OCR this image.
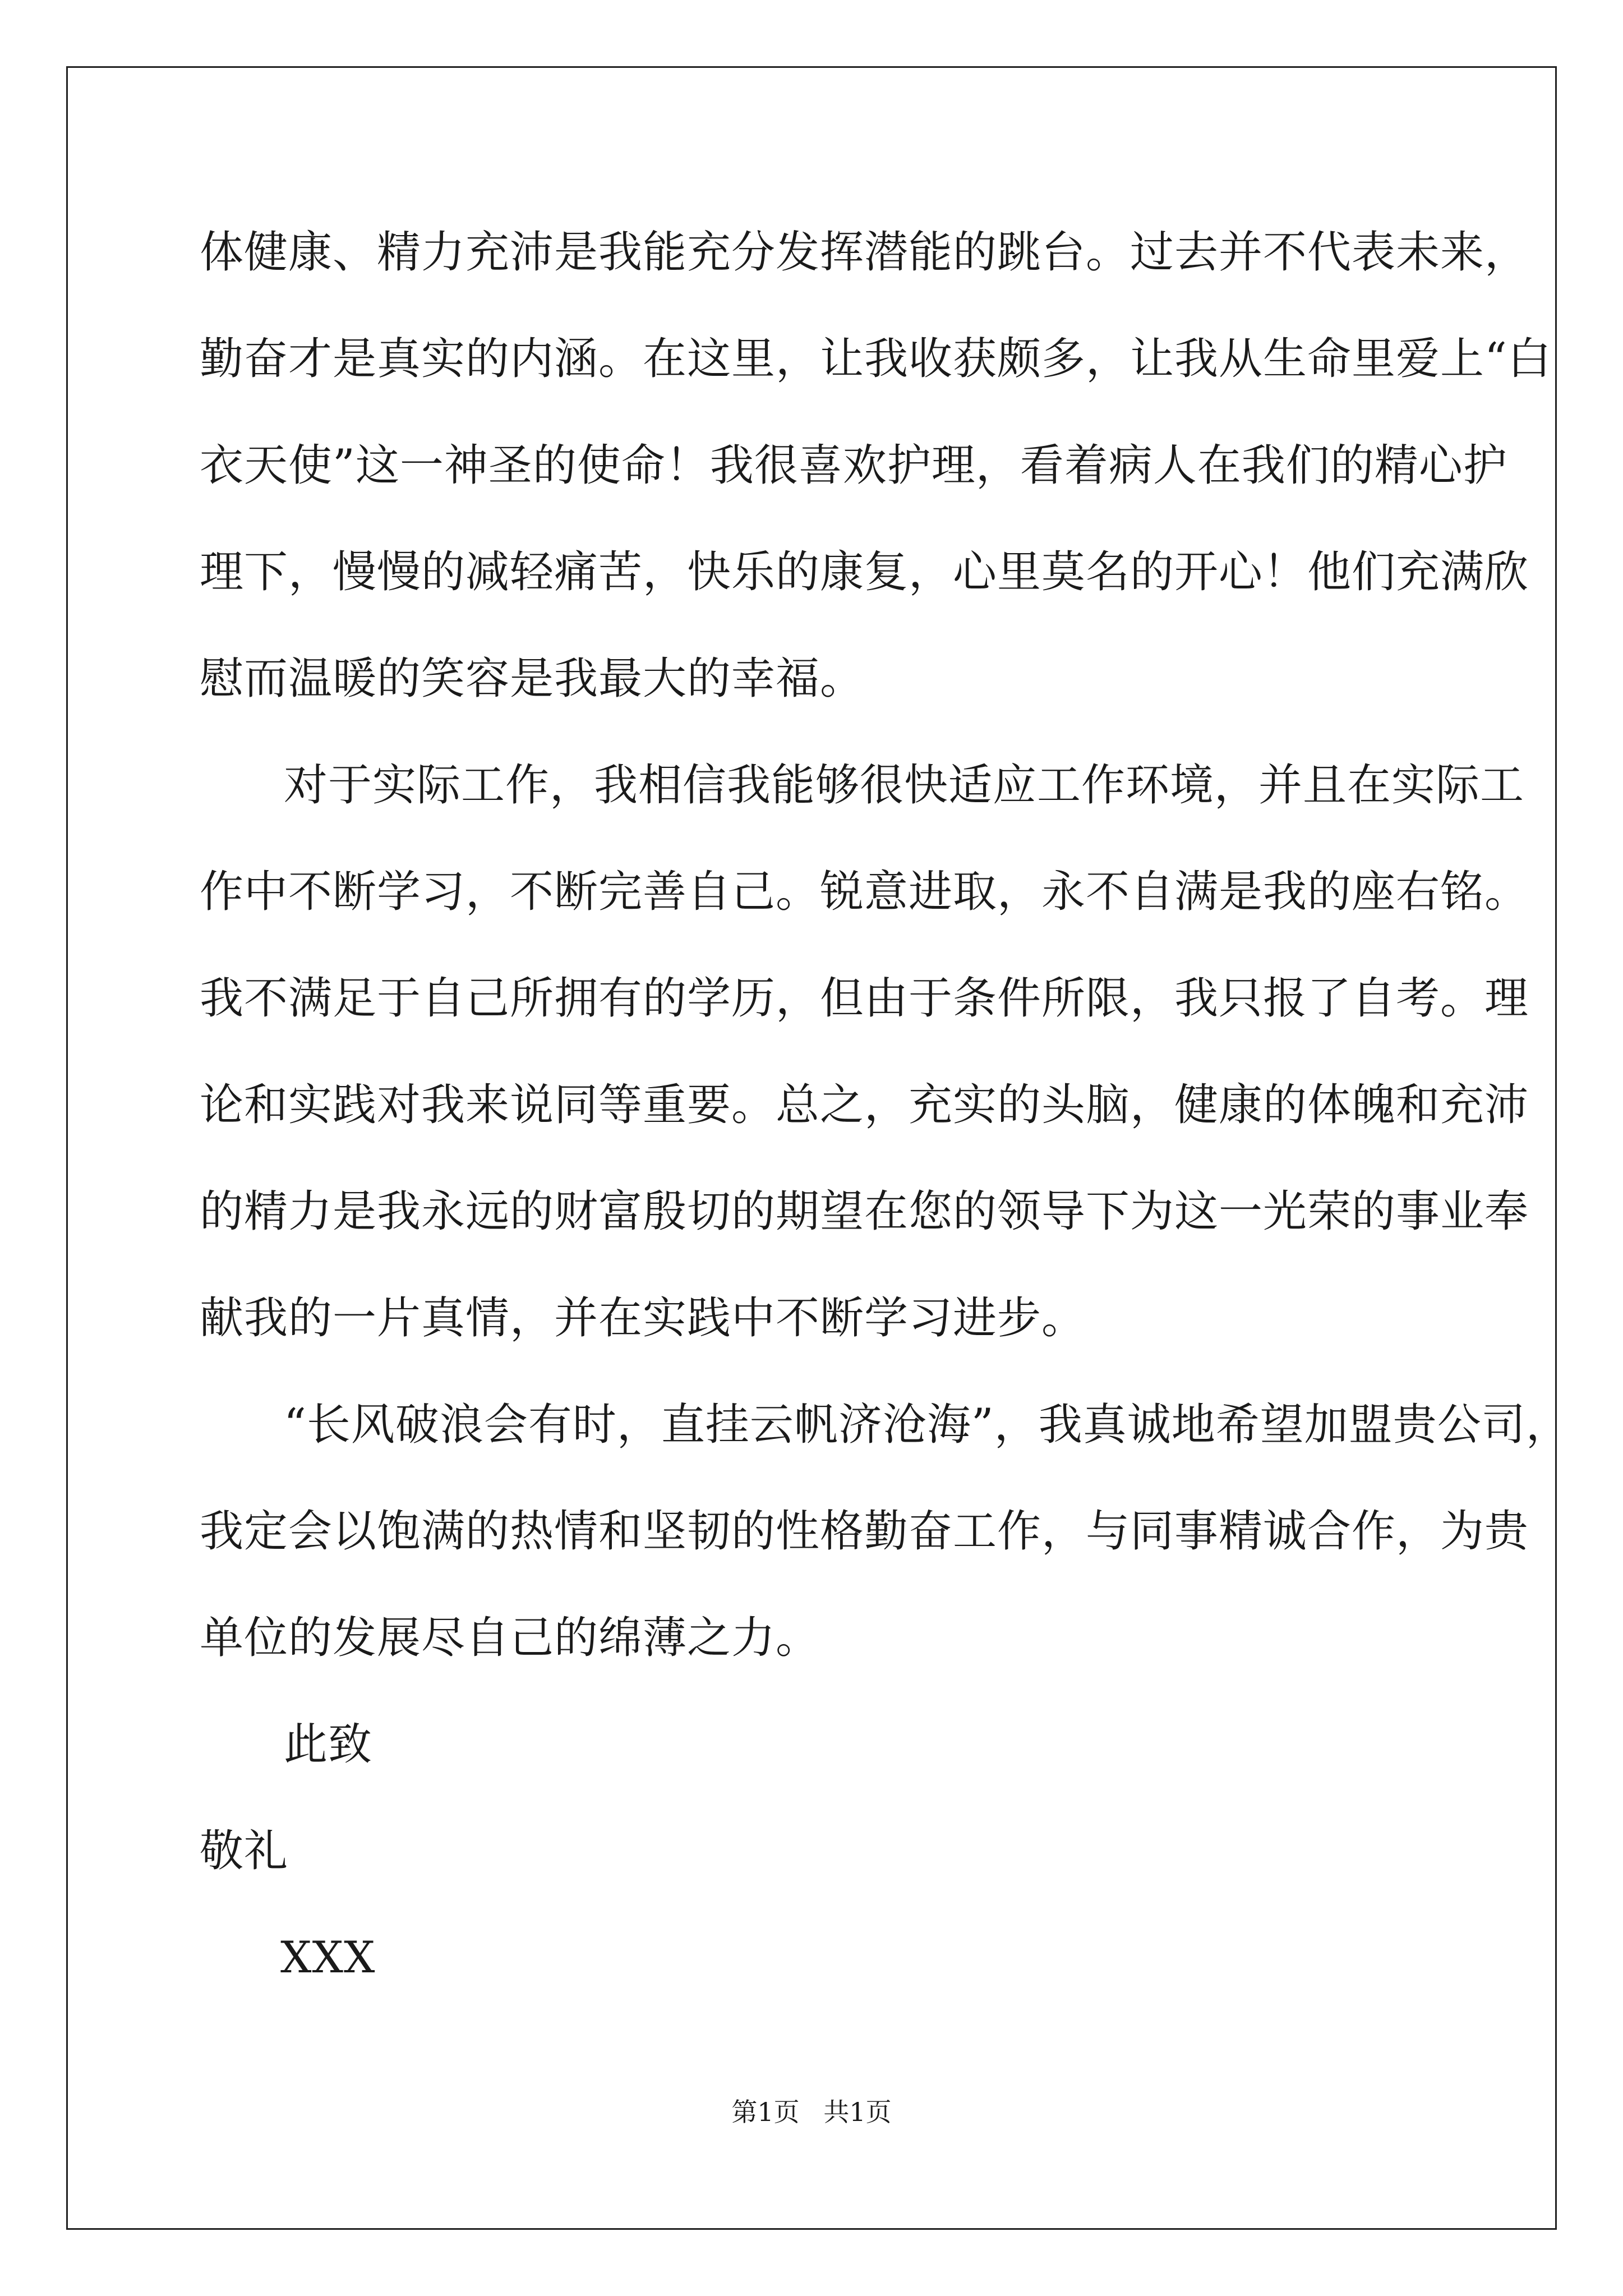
体健康、精力充沛是我能充分发挥潜能的跳台。过去并不代表未来，
勤奋才是真实的内涵。在这里，让我收获颇多，让我从生命里爱上“白
衣天使”这一神圣的使命！我很喜欢护理，看着病人在我们的精心护
理下，慢慢的减轻痛苦，快乐的康复，心里莫名的开心！他们充满欣
慰而温暖的笑容是我最大的幸福。
对于实际工作，我相信我能够很快适应工作环境，并且在实际工
作中不断学习，不断完善自己。锐意进取，永不自满是我的座右铭。
我不满足于自己所拥有的学历，但由于条件所限，我只报了自考。理
论和实践对我来说同等重要。总之，充实的头脑，健康的体魄和充沛
的精力是我永远的财富殷切的期望在您的领导下为这一光荣的事业奉
献我的一片真情，并在实践中不断学习进步。
“长风破浪会有时，直挂云帆济沧海”，我真诚地希望加盟贵公司，
我定会以饱满的热情和坚韧的性格勤奋工作，与同事精诚合作，为贵
单位的发展尽自己的绵薄之力。
此致
敬礼
XXX
第1页 共1页
